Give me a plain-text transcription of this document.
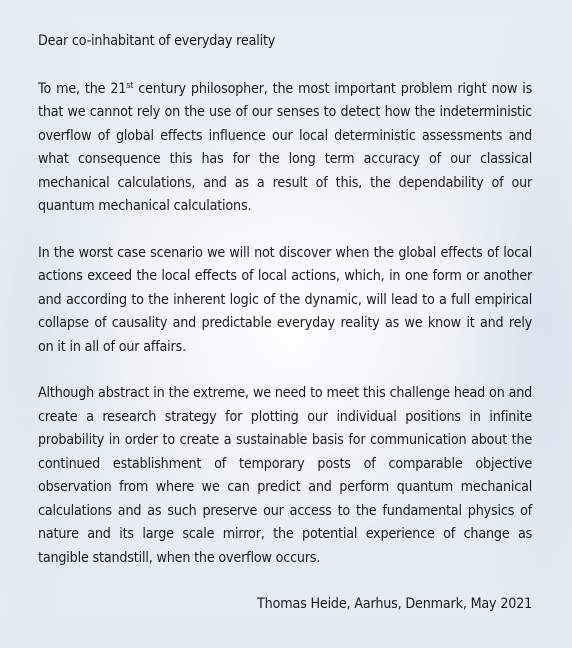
Dear co-inhabitant of everyday reality

To me, the 21st century philosopher, the most important problem right now is that we cannot rely on the use of our senses to detect how the indeterministic overflow of global effects influence our local deterministic assessments and what consequence this has for the long term accuracy of our classical mechanical calculations, and as a result of this, the dependability of our quantum mechanical calculations.

In the worst case scenario we will not discover when the global effects of local actions exceed the local effects of local actions, which, in one form or another and according to the inherent logic of the dynamic, will lead to a full empirical collapse of causality and predictable everyday reality as we know it and rely on it in all of our affairs.

Although abstract in the extreme, we need to meet this challenge head on and create a research strategy for plotting our individual positions in infinite probability in order to create a sustainable basis for communication about the continued establishment of temporary posts of comparable objective observation from where we can predict and perform quantum mechanical calculations and as such preserve our access to the fundamental physics of nature and its large scale mirror, the potential experience of change as tangible standstill, when the overflow occurs.

Thomas Heide, Aarhus, Denmark, May 2021
